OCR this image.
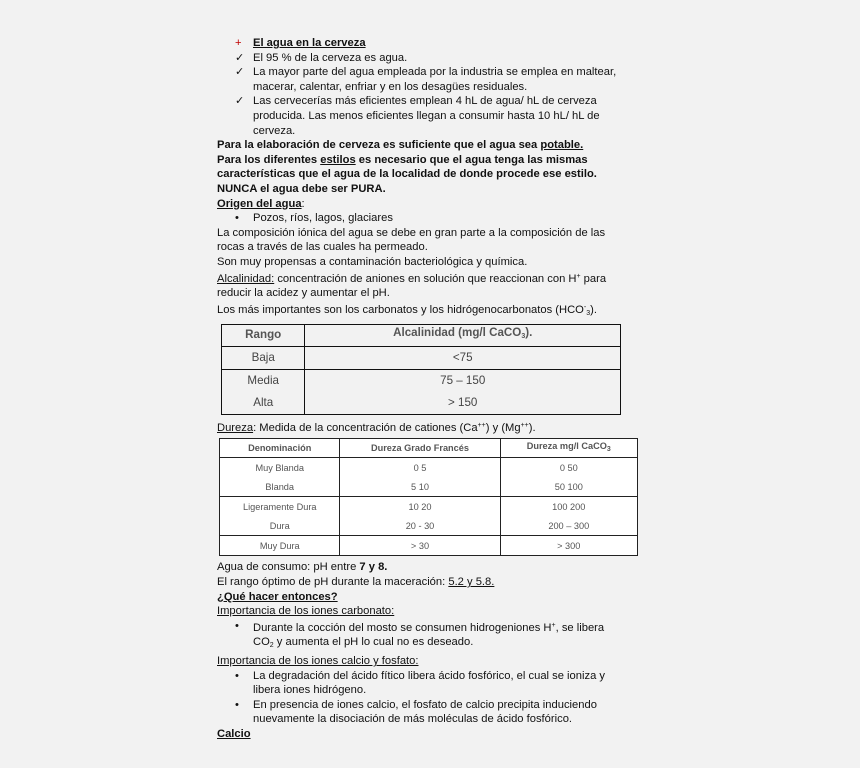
+ El agua en la cerveza
✓ El 95 % de la cerveza es agua.
✓ La mayor parte del agua empleada por la industria se emplea en maltear,
macerar, calentar, enfriar y en los desagües residuales.
✓ Las cervecerías más eficientes emplean 4 hL de agua/ hL de cerveza
producida. Las menos eficientes llegan a consumir hasta 10 hL/ hL de
cerveza.
Para la elaboración de cerveza es suficiente que el agua sea potable.
Para los diferentes estilos es necesario que el agua tenga las mismas
características que el agua de la localidad de donde procede ese estilo.
NUNCA el agua debe ser PURA.
Origen del agua:
• Pozos, ríos, lagos, glaciares
La composición iónica del agua se debe en gran parte a la composición de las
rocas a través de las cuales ha permeado.
Son muy propensas a contaminación bacteriológica y química.
Alcalinidad: concentración de aniones en solución que reaccionan con H+ para
reducir la acidez y aumentar el pH.
Los más importantes son los carbonatos y los hidrógenocarbonatos $(HCO^-_3)$.
Rango	Alcalinidad (mg/l CaCO$_3$).
Baja	<75
Media	75 – 150
Alta	> 150
Dureza: Medida de la concentración de cationes (Ca++) y (Mg++).
Denominación	Dureza Grado Francés	Dureza mg/l CaCO$_3$
Muy Blanda	0 5	0 50
Blanda	5 10	50 100
Ligeramente Dura	10 20	100 200
Dura	20 - 30	200 – 300
Muy Dura	> 30	> 300
Agua de consumo: pH entre 7 y 8.
El rango óptimo de pH durante la maceración: 5.2 y 5.8.
¿Qué hacer entonces?
Importancia de los iones carbonato:
• Durante la cocción del mosto se consumen hidrogeniones H+, se libera
$CO_2$ y aumenta el pH lo cual no es deseado.
Importancia de los iones calcio y fosfato:
• La degradación del ácido fítico libera ácido fosfórico, el cual se ioniza y
libera iones hidrógeno.
• En presencia de iones calcio, el fosfato de calcio precipita induciendo
nuevamente la disociación de más moléculas de ácido fosfórico.
Calcio
